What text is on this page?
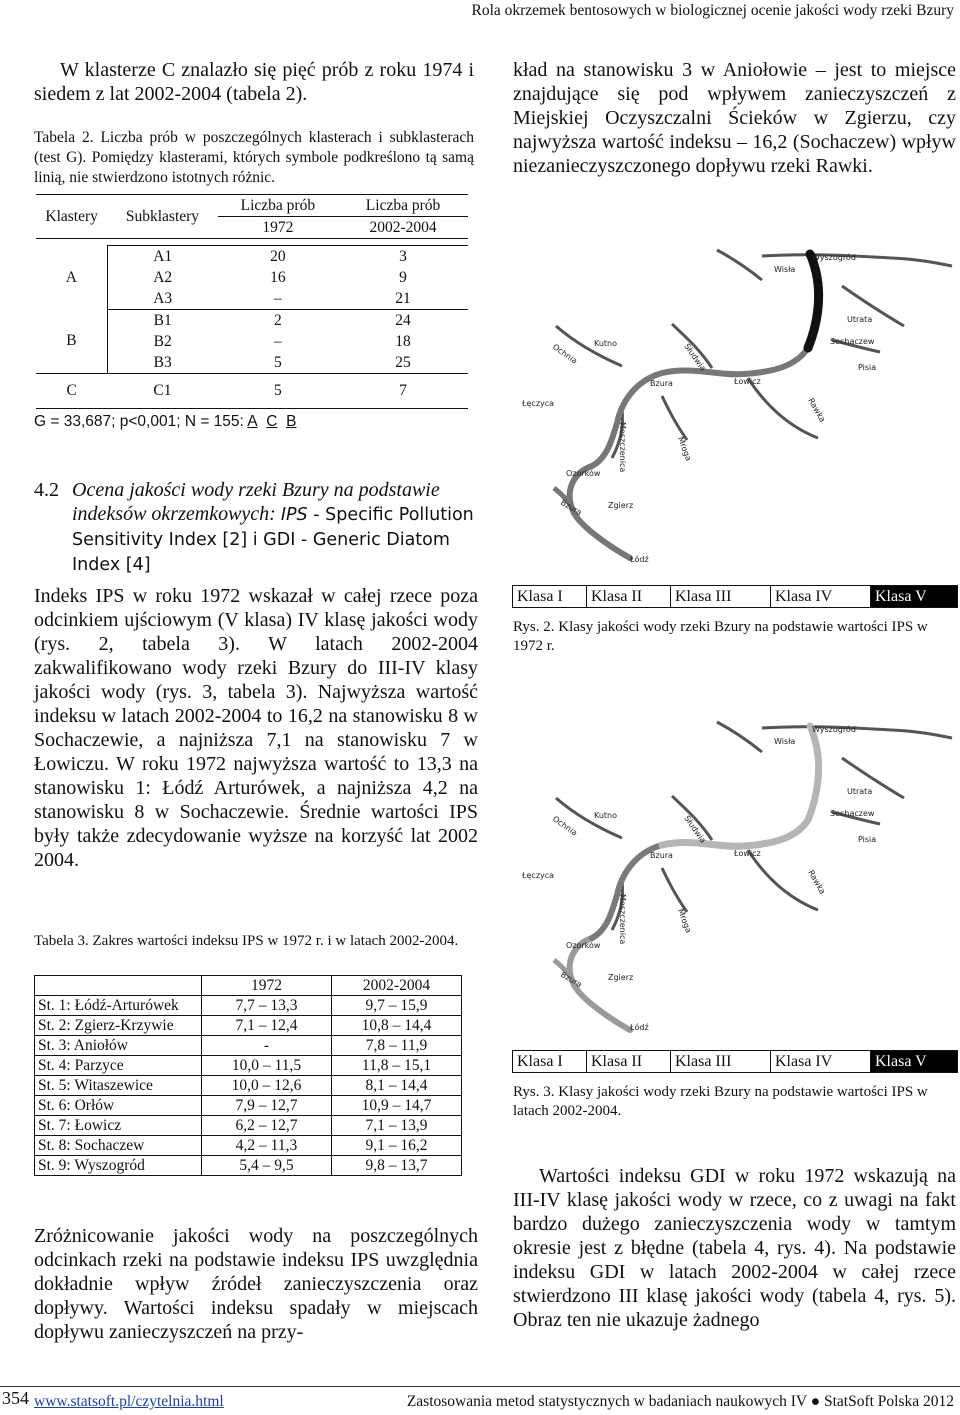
Rola okrzemek bentosowych w biologicznej ocenie jakości wody rzeki Bzury

W klasterze C znalazło się pięć prób z roku 1974 i siedem z lat 2002-2004 (tabela 2).

Tabela 2. Liczba prób w poszczególnych klasterach i subklasterach (test G). Pomiędzy klasterami, których symbole podkreślono tą samą linią, nie stwierdzono istotnych różnic.

Klastery	Subklastery	Liczba prób	Liczba prób
		1972	2002-2004

A	A1	20	3
	A2	16	9
	A3	–	21
B	B1	2	24
	B2	–	18
	B3	5	25
C	C1	5	7
G = 33,687; p<0,001; N = 155: A C B
4.2 Ocena jakości wody rzeki Bzury na podstawie indeksów okrzemkowych: IPS - Specific Pollution Sensitivity Index [2] i GDI - Generic Diatom Index [4]

Indeks IPS w roku 1972 wskazał w całej rzece poza odcinkiem ujściowym (V klasa) IV klasę jakości wody (rys. 2, tabela 3). W latach 2002-2004 zakwalifikowano wody rzeki Bzury do III-IV klasy jakości wody (rys. 3, tabela 3). Najwyższa wartość indeksu w latach 2002-2004 to 16,2 na stanowisku 8 w Sochaczewie, a najniższa 7,1 na stanowisku 7 w Łowiczu. W roku 1972 najwyższa wartość to 13,3 na stanowisku 1: Łódź Arturówek, a najniższa 4,2 na stanowisku 8 w Sochaczewie. Średnie wartości IPS były także zdecydowanie wyższe na korzyść lat 2002 2004.

Tabela 3. Zakres wartości indeksu IPS w 1972 r. i w latach 2002-2004.

	1972	2002-2004
St. 1: Łódź-Arturówek	7,7 – 13,3	9,7 – 15,9
St. 2: Zgierz-Krzywie	7,1 – 12,4	10,8 – 14,4
St. 3: Aniołów	-	7,8 – 11,9
St. 4: Parzyce	10,0 – 11,5	11,8 – 15,1
St. 5: Witaszewice	10,0 – 12,6	8,1 – 14,4
St. 6: Orłów	7,9 – 12,7	10,9 – 14,7
St. 7: Łowicz	6,2 – 12,7	7,1 – 13,9
St. 8: Sochaczew	4,2 – 11,3	9,1 – 16,2
St. 9: Wyszogród	5,4 – 9,5	9,8 – 13,7

Zróżnicowanie jakości wody na poszczególnych odcinkach rzeki na podstawie indeksu IPS uwzględnia dokładnie wpływ źródeł zanieczyszczenia oraz dopływy. Wartości indeksu spadały w miejscach dopływu zanieczyszczeń na przy-

kład na stanowisku 3 w Aniołowie – jest to miejsce znajdujące się pod wpływem zanieczyszczeń z Miejskiej Oczyszczalni Ścieków w Zgierzu, czy najwyższa wartość indeksu – 16,2 (Sochaczew) wpływ niezanieczyszczonego dopływu rzeki Rawki.

Wisła
Wyszogród
Utrata
Sochaczew
Pisia
Kutno
Ochnia	Słudwia
Bzura	Łowicz
Łęczyca	Rawka
Moszczenica	Mroga
Ozorków
Zgierz
Bzura
Łódź
Klasa I	Klasa II	Klasa III	Klasa IV	Klasa V

Rys. 2. Klasy jakości wody rzeki Bzury na podstawie wartości IPS w 1972 r.

Wisła
Wyszogród
Utrata
Sochaczew
Pisia
Kutno
Ochnia	Słudwia
Bzura	Łowicz
Łęczyca	Rawka
Moszczenica	Mroga
Ozorków
Zgierz
Bzura
Łódź
Klasa I	Klasa II	Klasa III	Klasa IV	Klasa V

Rys. 3. Klasy jakości wody rzeki Bzury na podstawie wartości IPS w latach 2002-2004.

Wartości indeksu GDI w roku 1972 wskazują na III-IV klasę jakości wody w rzece, co z uwagi na fakt bardzo dużego zanieczyszczenia wody w tamtym okresie jest z błędne (tabela 4, rys. 4). Na podstawie indeksu GDI w latach 2002-2004 w całej rzece stwierdzono III klasę jakości wody (tabela 4, rys. 5). Obraz ten nie ukazuje żadnego

354 www.statsoft.pl/czytelnia.html	Zastosowania metod statystycznych w badaniach naukowych IV ● StatSoft Polska 2012
